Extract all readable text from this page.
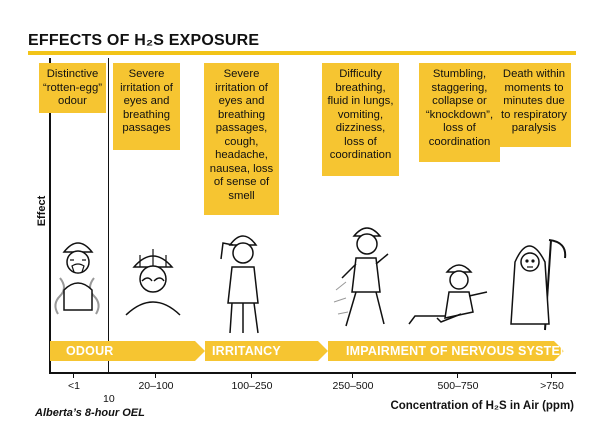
EFFECTS OF H₂S EXPOSURE
Effect
Distinctive
“rotten-egg”
odour
Severe
irritation of
eyes and
breathing
passages
Severe
irritation of
eyes and
breathing
passages,
cough,
headache,
nausea, loss
of sense of
smell
Difficulty
breathing,
fluid in lungs,
vomiting,
dizziness,
loss of
coordination
Stumbling,
staggering,
collapse or
“knockdown”,
loss of
coordination
Death within
moments to
minutes due
to respiratory
paralysis
ODOUR	IRRITANCY	IMPAIRMENT OF NERVOUS SYSTEM
<1	20–100	100–250	250–500	500–750	>750
10
Alberta’s 8-hour OEL
Concentration of H₂S in Air (ppm)
